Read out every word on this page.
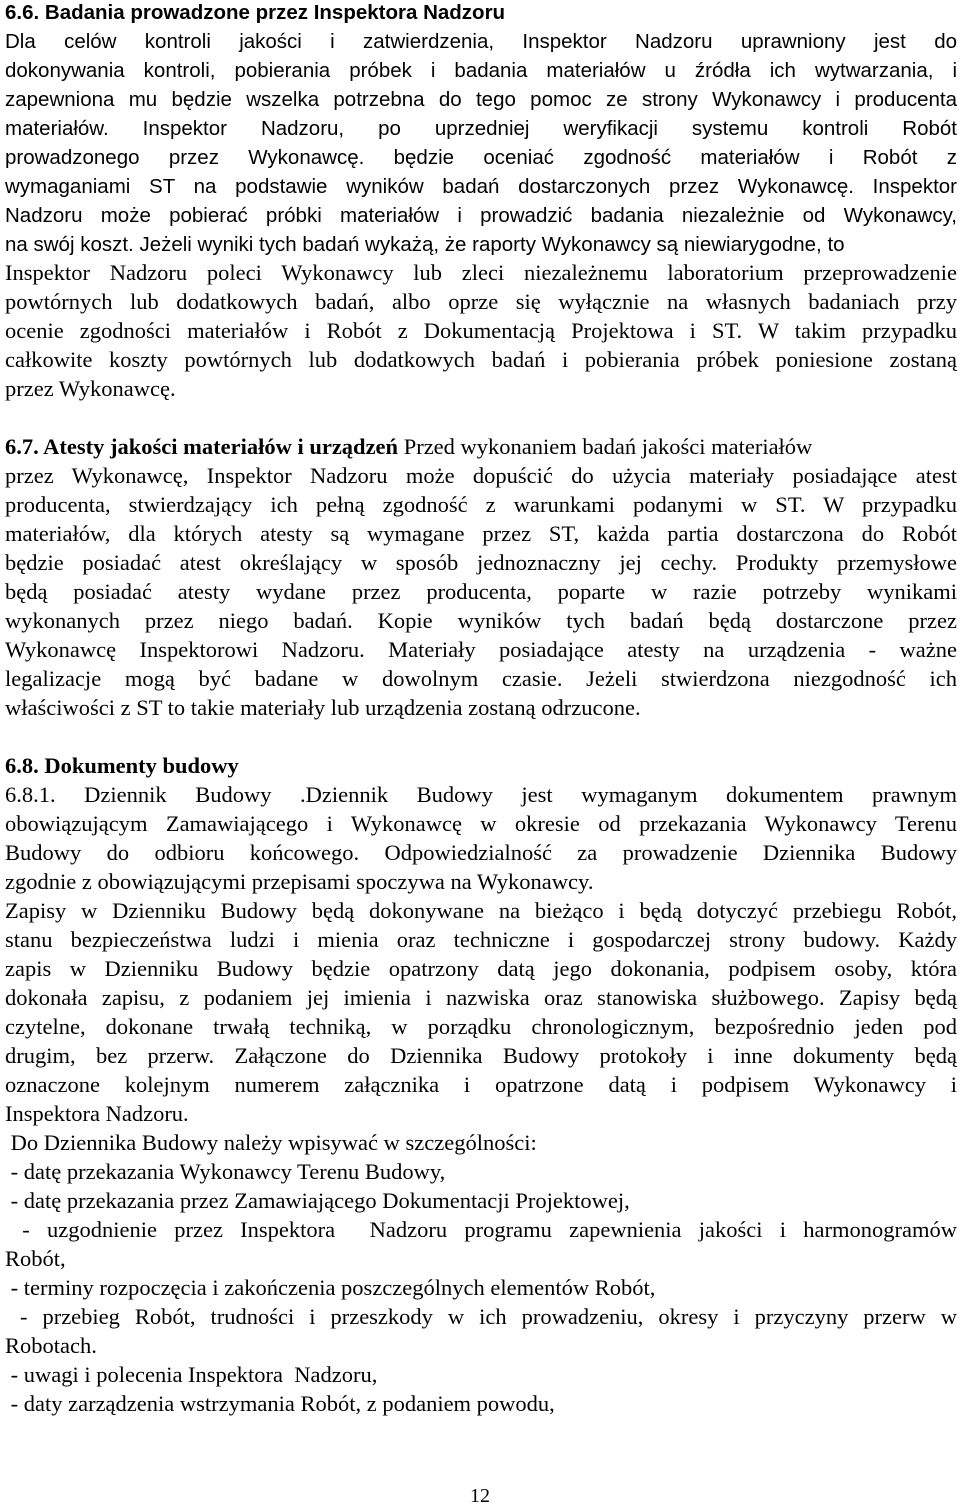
6.6. Badania prowadzone przez Inspektora Nadzoru
Dla celów kontroli jakości i zatwierdzenia, Inspektor Nadzoru uprawniony jest do
dokonywania kontroli, pobierania próbek i badania materiałów u źródła ich wytwarzania, i
zapewniona mu będzie wszelka potrzebna do tego pomoc ze strony Wykonawcy i producenta
materiałów. Inspektor Nadzoru, po uprzedniej weryfikacji systemu kontroli Robót
prowadzonego przez Wykonawcę. będzie oceniać zgodność materiałów i Robót z
wymaganiami ST na podstawie wyników badań dostarczonych przez Wykonawcę. Inspektor
Nadzoru może pobierać próbki materiałów i prowadzić badania niezależnie od Wykonawcy,
na swój koszt. Jeżeli wyniki tych badań wykażą, że raporty Wykonawcy są niewiarygodne, to
Inspektor Nadzoru poleci Wykonawcy lub zleci niezależnemu laboratorium przeprowadzenie
powtórnych lub dodatkowych badań, albo oprze się wyłącznie na własnych badaniach przy
ocenie zgodności materiałów i Robót z Dokumentacją Projektowa i ST. W takim przypadku
całkowite koszty powtórnych lub dodatkowych badań i pobierania próbek poniesione zostaną
przez Wykonawcę.
6.7. Atesty jakości materiałów i urządzeń Przed wykonaniem badań jakości materiałów
przez Wykonawcę, Inspektor Nadzoru może dopuścić do użycia materiały posiadające atest
producenta, stwierdzający ich pełną zgodność z warunkami podanymi w ST. W przypadku
materiałów, dla których atesty są wymagane przez ST, każda partia dostarczona do Robót
będzie posiadać atest określający w sposób jednoznaczny jej cechy. Produkty przemysłowe
będą posiadać atesty wydane przez producenta, poparte w razie potrzeby wynikami
wykonanych przez niego badań. Kopie wyników tych badań będą dostarczone przez
Wykonawcę Inspektorowi Nadzoru. Materiały posiadające atesty na urządzenia - ważne
legalizacje mogą być badane w dowolnym czasie. Jeżeli stwierdzona niezgodność ich
właściwości z ST to takie materiały lub urządzenia zostaną odrzucone.
6.8. Dokumenty budowy
6.8.1. Dziennik Budowy .Dziennik Budowy jest wymaganym dokumentem prawnym
obowiązującym Zamawiającego i Wykonawcę w okresie od przekazania Wykonawcy Terenu
Budowy do odbioru końcowego. Odpowiedzialność za prowadzenie Dziennika Budowy
zgodnie z obowiązującymi przepisami spoczywa na Wykonawcy.
Zapisy w Dzienniku Budowy będą dokonywane na bieżąco i będą dotyczyć przebiegu Robót,
stanu bezpieczeństwa ludzi i mienia oraz techniczne i gospodarczej strony budowy. Każdy
zapis w Dzienniku Budowy będzie opatrzony datą jego dokonania, podpisem osoby, która
dokonała zapisu, z podaniem jej imienia i nazwiska oraz stanowiska służbowego. Zapisy będą
czytelne, dokonane trwałą techniką, w porządku chronologicznym, bezpośrednio jeden pod
drugim, bez przerw. Załączone do Dziennika Budowy protokoły i inne dokumenty będą
oznaczone kolejnym numerem załącznika i opatrzone datą i podpisem Wykonawcy i
Inspektora Nadzoru.
Do Dziennika Budowy należy wpisywać w szczególności:
- datę przekazania Wykonawcy Terenu Budowy,
- datę przekazania przez Zamawiającego Dokumentacji Projektowej,
- uzgodnienie przez Inspektora  Nadzoru programu zapewnienia jakości i harmonogramów
Robót,
- terminy rozpoczęcia i zakończenia poszczególnych elementów Robót,
- przebieg Robót, trudności i przeszkody w ich prowadzeniu, okresy i przyczyny przerw w
Robotach.
- uwagi i polecenia Inspektora  Nadzoru,
- daty zarządzenia wstrzymania Robót, z podaniem powodu,
12
